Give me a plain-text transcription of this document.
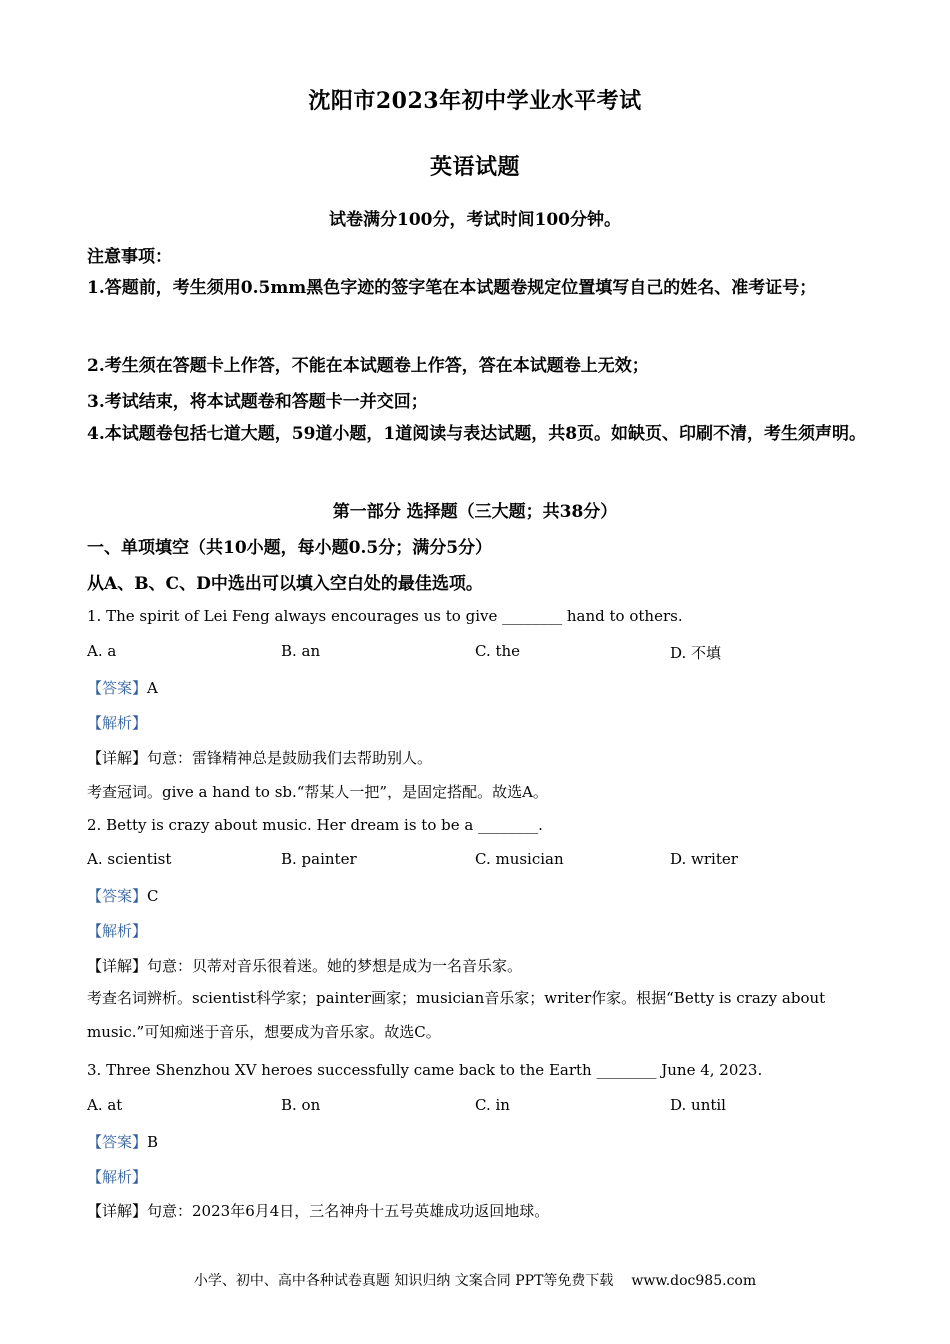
沈阳市2023年初中学业水平考试
英语试题
试卷满分100分，考试时间100分钟。
注意事项：
1.答题前，考生须用0.5mm黑色字迹的签字笔在本试题卷规定位置填写自己的姓名、准考证号；
2.考生须在答题卡上作答，不能在本试题卷上作答，答在本试题卷上无效；
3.考试结束，将本试题卷和答题卡一并交回；
4.本试题卷包括七道大题，59道小题，1道阅读与表达试题，共8页。如缺页、印刷不清，考生须声明。
第一部分 选择题（三大题；共38分）
一、单项填空（共10小题，每小题0.5分；满分5分）
从A、B、C、D中选出可以填入空白处的最佳选项。
1. The spirit of Lei Feng always encourages us to give ________ hand to others.
A. a	B. an	C. the	D. 不填
【答案】A
【解析】
【详解】句意：雷锋精神总是鼓励我们去帮助别人。
考查冠词。give a hand to sb.“帮某人一把”，是固定搭配。故选A。
2. Betty is crazy about music. Her dream is to be a ________.
A. scientist	B. painter	C. musician	D. writer
【答案】C
【解析】
【详解】句意：贝蒂对音乐很着迷。她的梦想是成为一名音乐家。
考查名词辨析。scientist科学家；painter画家；musician音乐家；writer作家。根据“Betty is crazy about music.”可知痴迷于音乐，想要成为音乐家。故选C。
3. Three Shenzhou XV heroes successfully came back to the Earth ________ June 4, 2023.
A. at	B. on	C. in	D. until
【答案】B
【解析】
【详解】句意：2023年6月4日，三名神舟十五号英雄成功返回地球。
小学、初中、高中各种试卷真题 知识归纳 文案合同 PPT等免费下载 www.doc985.com
